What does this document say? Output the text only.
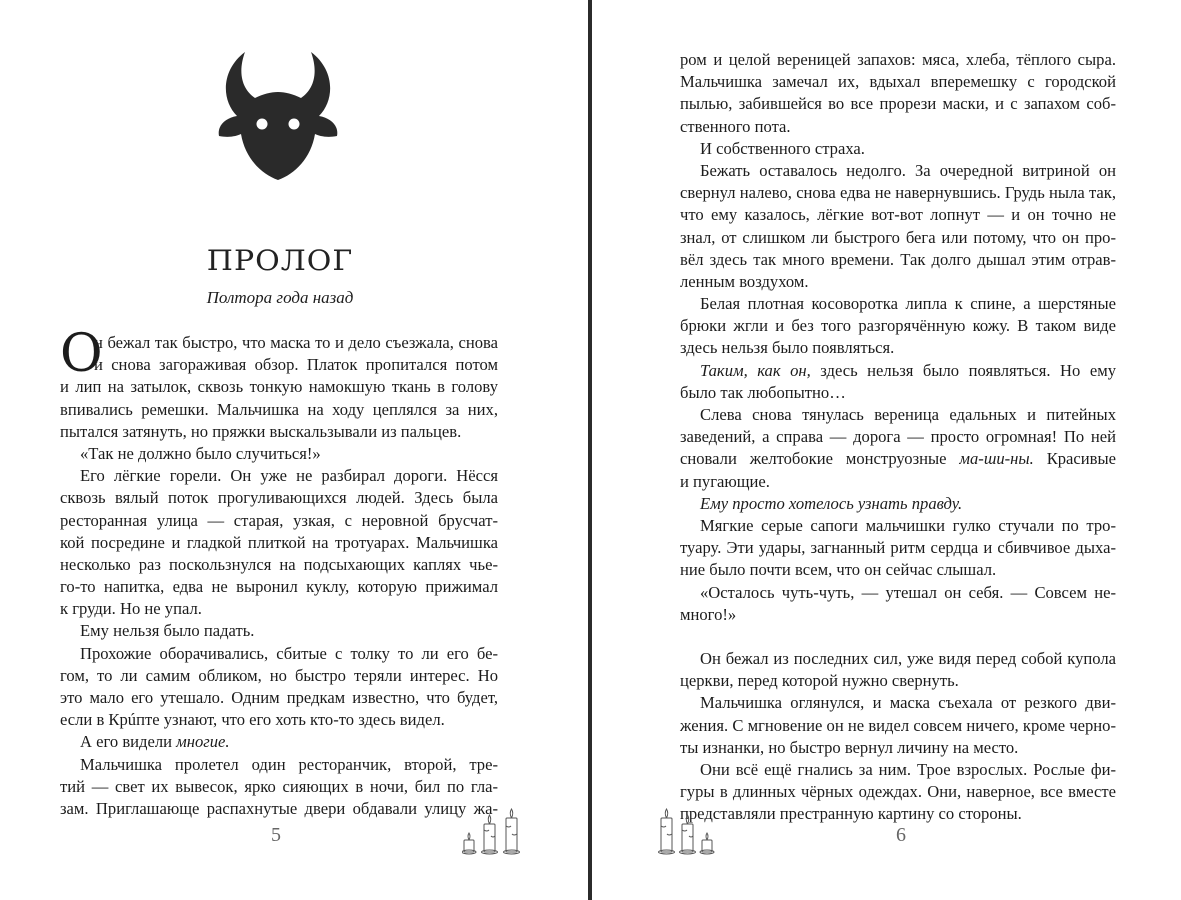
ПРОЛОГ
Полтора года назад
О
н бежал так быстро, что маска то и дело съезжала, снова
и снова загораживая обзор. Платок пропитался потом
и лип на затылок, сквозь тонкую намокшую ткань в голову
впивались ремешки. Мальчишка на ходу цеплялся за них,
пытался затянуть, но пряжки выскальзывали из пальцев.
«Так не должно было случиться!»
Его лёгкие горели. Он уже не разбирал дороги. Нёсся
сквозь вялый поток прогуливающихся людей. Здесь была
ресторанная улица — старая, узкая, с неровной брусчат-
кой посредине и гладкой плиткой на тротуарах. Мальчишка
несколько раз поскользнулся на подсыхающих каплях чье-
го-то напитка, едва не выронил куклу, которую прижимал
к груди. Но не упал.
Ему нельзя было падать.
Прохожие оборачивались, сбитые с толку то ли его бе-
гом, то ли самим обликом, но быстро теряли интерес. Но
это мало его утешало. Одним предкам известно, что будет,
если в Крúпте узнают, что его хоть кто-то здесь видел.
А его видели многие.
Мальчишка пролетел один ресторанчик, второй, тре-
тий — свет их вывесок, ярко сияющих в ночи, бил по гла-
зам. Приглашающе распахнутые двери обдавали улицу жа-
5
ром и целой вереницей запахов: мяса, хлеба, тёплого сыра.
Мальчишка замечал их, вдыхал вперемешку с городской
пылью, забившейся во все прорези маски, и с запахом соб-
ственного пота.
И собственного страха.
Бежать оставалось недолго. За очередной витриной он
свернул налево, снова едва не навернувшись. Грудь ныла так,
что ему казалось, лёгкие вот-вот лопнут — и он точно не
знал, от слишком ли быстрого бега или потому, что он про-
вёл здесь так много времени. Так долго дышал этим отрав-
ленным воздухом.
Белая плотная косоворотка липла к спине, а шерстяные
брюки жгли и без того разгорячённую кожу. В таком виде
здесь нельзя было появляться.
Таким, как он, здесь нельзя было появляться. Но ему
было так любопытно…
Слева снова тянулась вереница едальных и питейных
заведений, а справа — дорога — просто огромная! По ней
сновали желтобокие монструозные ма-ши-ны. Красивые
и пугающие.
Ему просто хотелось узнать правду.
Мягкие серые сапоги мальчишки гулко стучали по тро-
туару. Эти удары, загнанный ритм сердца и сбивчивое дыха-
ние было почти всем, что он сейчас слышал.
«Осталось чуть-чуть, — утешал он себя. — Совсем не-
много!»
Он бежал из последних сил, уже видя перед собой купола
церкви, перед которой нужно свернуть.
Мальчишка оглянулся, и маска съехала от резкого дви-
жения. С мгновение он не видел совсем ничего, кроме черно-
ты изнанки, но быстро вернул личину на место.
Они всё ещё гнались за ним. Трое взрослых. Рослые фи-
гуры в длинных чёрных одеждах. Они, наверное, все вместе
представляли престранную картину со стороны.
6
